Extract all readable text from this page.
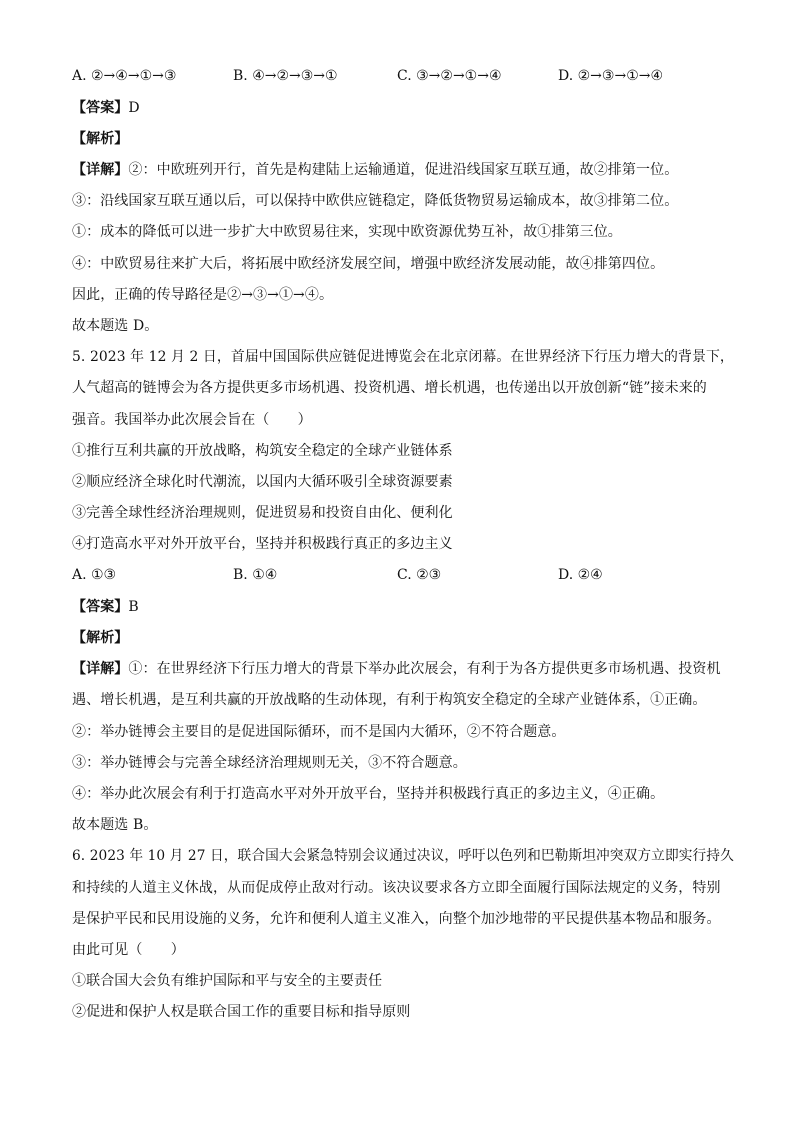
A. ②→④→①→③	B. ④→②→③→①	C. ③→②→①→④	D. ②→③→①→④
【答案】D
【解析】
【详解】②：中欧班列开行，首先是构建陆上运输通道，促进沿线国家互联互通，故②排第一位。
③：沿线国家互联互通以后，可以保持中欧供应链稳定，降低货物贸易运输成本，故③排第二位。
①：成本的降低可以进一步扩大中欧贸易往来，实现中欧资源优势互补，故①排第三位。
④：中欧贸易往来扩大后，将拓展中欧经济发展空间，增强中欧经济发展动能，故④排第四位。
因此，正确的传导路径是②→③→①→④。
故本题选 D。
5. 2023 年 12 月 2 日，首届中国国际供应链促进博览会在北京闭幕。在世界经济下行压力增大的背景下，
人气超高的链博会为各方提供更多市场机遇、投资机遇、增长机遇，也传递出以开放创新“链”接未来的
强音。我国举办此次展会旨在（　　）
①推行互利共赢的开放战略，构筑安全稳定的全球产业链体系
②顺应经济全球化时代潮流，以国内大循环吸引全球资源要素
③完善全球性经济治理规则，促进贸易和投资自由化、便利化
④打造高水平对外开放平台，坚持并积极践行真正的多边主义
A. ①③	B. ①④	C. ②③	D. ②④
【答案】B
【解析】
【详解】①：在世界经济下行压力增大的背景下举办此次展会，有利于为各方提供更多市场机遇、投资机
遇、增长机遇，是互利共赢的开放战略的生动体现，有利于构筑安全稳定的全球产业链体系，①正确。
②：举办链博会主要目的是促进国际循环，而不是国内大循环，②不符合题意。
③：举办链博会与完善全球经济治理规则无关，③不符合题意。
④：举办此次展会有利于打造高水平对外开放平台，坚持并积极践行真正的多边主义，④正确。
故本题选 B。
6. 2023 年 10 月 27 日，联合国大会紧急特别会议通过决议，呼吁以色列和巴勒斯坦冲突双方立即实行持久
和持续的人道主义休战，从而促成停止敌对行动。该决议要求各方立即全面履行国际法规定的义务，特别
是保护平民和民用设施的义务，允许和便利人道主义准入，向整个加沙地带的平民提供基本物品和服务。
由此可见（　　）
①联合国大会负有维护国际和平与安全的主要责任
②促进和保护人权是联合国工作的重要目标和指导原则
